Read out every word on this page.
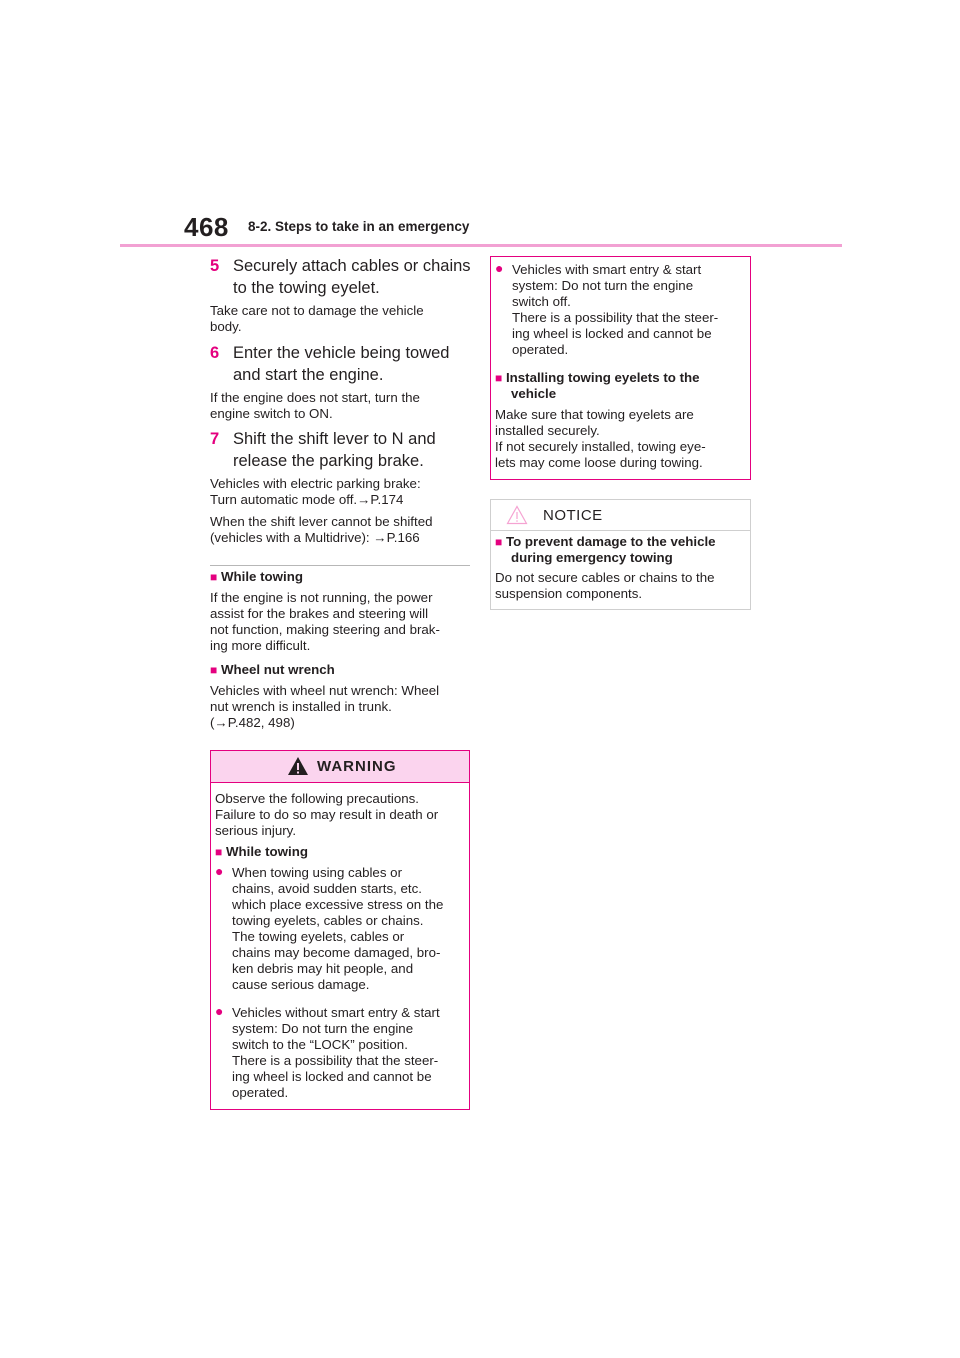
468 8-2. Steps to take in an emergency
5 Securely attach cables or chains
to the towing eyelet.
Take care not to damage the vehicle
body.
6 Enter the vehicle being towed
and start the engine.
If the engine does not start, turn the
engine switch to ON.
7 Shift the shift lever to N and
release the parking brake.
Vehicles with electric parking brake:
Turn automatic mode off.→P.174
When the shift lever cannot be shifted
(vehicles with a Multidrive): →P.166
■ While towing
If the engine is not running, the power
assist for the brakes and steering will
not function, making steering and brak-
ing more difficult.
■ Wheel nut wrench
Vehicles with wheel nut wrench: Wheel
nut wrench is installed in trunk.
(→P.482, 498)
WARNING
Observe the following precautions.
Failure to do so may result in death or
serious injury.
■ While towing
● When towing using cables or
chains, avoid sudden starts, etc.
which place excessive stress on the
towing eyelets, cables or chains.
The towing eyelets, cables or
chains may become damaged, bro-
ken debris may hit people, and
cause serious damage.
● Vehicles without smart entry & start
system: Do not turn the engine
switch to the “LOCK” position.
There is a possibility that the steer-
ing wheel is locked and cannot be
operated.
● Vehicles with smart entry & start
system: Do not turn the engine
switch off.
There is a possibility that the steer-
ing wheel is locked and cannot be
operated.
■ Installing towing eyelets to the
vehicle
Make sure that towing eyelets are
installed securely.
If not securely installed, towing eye-
lets may come loose during towing.
NOTICE
■ To prevent damage to the vehicle
during emergency towing
Do not secure cables or chains to the
suspension components.
